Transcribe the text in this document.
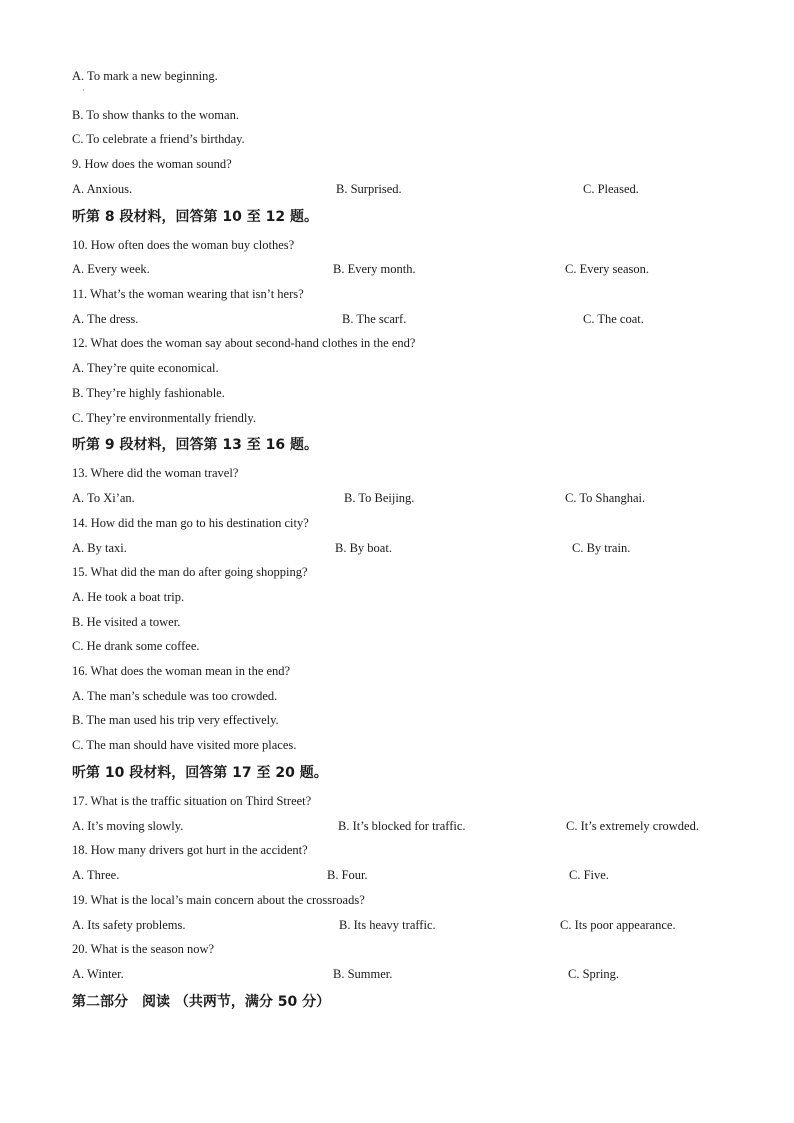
A. To mark a new beginning.
·
B. To show thanks to the woman.
C. To celebrate a friend’s birthday.
9. How does the woman sound?
A. Anxious.	B. Surprised.	C. Pleased.
听第 8 段材料，回答第 10 至 12 题。
10. How often does the woman buy clothes?
A. Every week.	B. Every month.	C. Every season.
11. What’s the woman wearing that isn’t hers?
A. The dress.	B. The scarf.	C. The coat.
12. What does the woman say about second-hand clothes in the end?
A. They’re quite economical.
B. They’re highly fashionable.
C. They’re environmentally friendly.
听第 9 段材料，回答第 13 至 16 题。
13. Where did the woman travel?
A. To Xi’an.	B. To Beijing.	C. To Shanghai.
14. How did the man go to his destination city?
A. By taxi.	B. By boat.	C. By train.
15. What did the man do after going shopping?
A. He took a boat trip.
B. He visited a tower.
C. He drank some coffee.
16. What does the woman mean in the end?
A. The man’s schedule was too crowded.
B. The man used his trip very effectively.
C. The man should have visited more places.
听第 10 段材料，回答第 17 至 20 题。
17. What is the traffic situation on Third Street?
A. It’s moving slowly.	B. It’s blocked for traffic.	C. It’s extremely crowded.
18. How many drivers got hurt in the accident?
A. Three.	B. Four.	C. Five.
19. What is the local’s main concern about the crossroads?
A. Its safety problems.	B. Its heavy traffic.	C. Its poor appearance.
20. What is the season now?
A. Winter.	B. Summer.	C. Spring.
第二部分　阅读 （共两节，满分 50 分）
